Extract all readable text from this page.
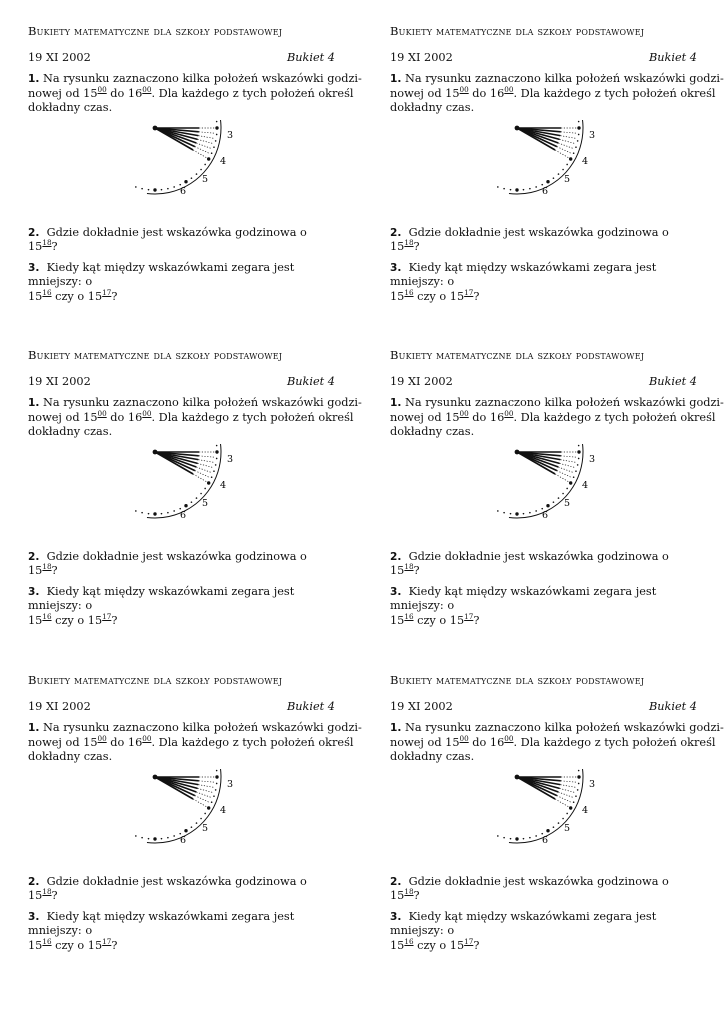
Bukiety matematyczne dla szkoły podstawowej
19 XI 2002	Bukiet 4
1. Na rysunku zaznaczono kilka położeń wskazówki godzi-
nowej od $15^{00}$ do $16^{00}$. Dla każdego z tych położeń określ
dokładny czas.
3
4
5
6
2. Gdzie dokładnie jest wskazówka godzinowa o $15^{18}$?
3. Kiedy kąt między wskazówkami zegara jest mniejszy: o
$15^{16}$ czy o $15^{17}$?
Bukiety matematyczne dla szkoły podstawowej
19 XI 2002	Bukiet 4
1. Na rysunku zaznaczono kilka położeń wskazówki godzi-
nowej od $15^{00}$ do $16^{00}$. Dla każdego z tych położeń określ
dokładny czas.
3
4
5
6
2. Gdzie dokładnie jest wskazówka godzinowa o $15^{18}$?
3. Kiedy kąt między wskazówkami zegara jest mniejszy: o
$15^{16}$ czy o $15^{17}$?
Bukiety matematyczne dla szkoły podstawowej
19 XI 2002	Bukiet 4
1. Na rysunku zaznaczono kilka położeń wskazówki godzi-
nowej od $15^{00}$ do $16^{00}$. Dla każdego z tych położeń określ
dokładny czas.
3
4
5
6
2. Gdzie dokładnie jest wskazówka godzinowa o $15^{18}$?
3. Kiedy kąt między wskazówkami zegara jest mniejszy: o
$15^{16}$ czy o $15^{17}$?
Bukiety matematyczne dla szkoły podstawowej
19 XI 2002	Bukiet 4
1. Na rysunku zaznaczono kilka położeń wskazówki godzi-
nowej od $15^{00}$ do $16^{00}$. Dla każdego z tych położeń określ
dokładny czas.
3
4
5
6
2. Gdzie dokładnie jest wskazówka godzinowa o $15^{18}$?
3. Kiedy kąt między wskazówkami zegara jest mniejszy: o
$15^{16}$ czy o $15^{17}$?
Bukiety matematyczne dla szkoły podstawowej
19 XI 2002	Bukiet 4
1. Na rysunku zaznaczono kilka położeń wskazówki godzi-
nowej od $15^{00}$ do $16^{00}$. Dla każdego z tych położeń określ
dokładny czas.
3
4
5
6
2. Gdzie dokładnie jest wskazówka godzinowa o $15^{18}$?
3. Kiedy kąt między wskazówkami zegara jest mniejszy: o
$15^{16}$ czy o $15^{17}$?
Bukiety matematyczne dla szkoły podstawowej
19 XI 2002	Bukiet 4
1. Na rysunku zaznaczono kilka położeń wskazówki godzi-
nowej od $15^{00}$ do $16^{00}$. Dla każdego z tych położeń określ
dokładny czas.
3
4
5
6
2. Gdzie dokładnie jest wskazówka godzinowa o $15^{18}$?
3. Kiedy kąt między wskazówkami zegara jest mniejszy: o
$15^{16}$ czy o $15^{17}$?
